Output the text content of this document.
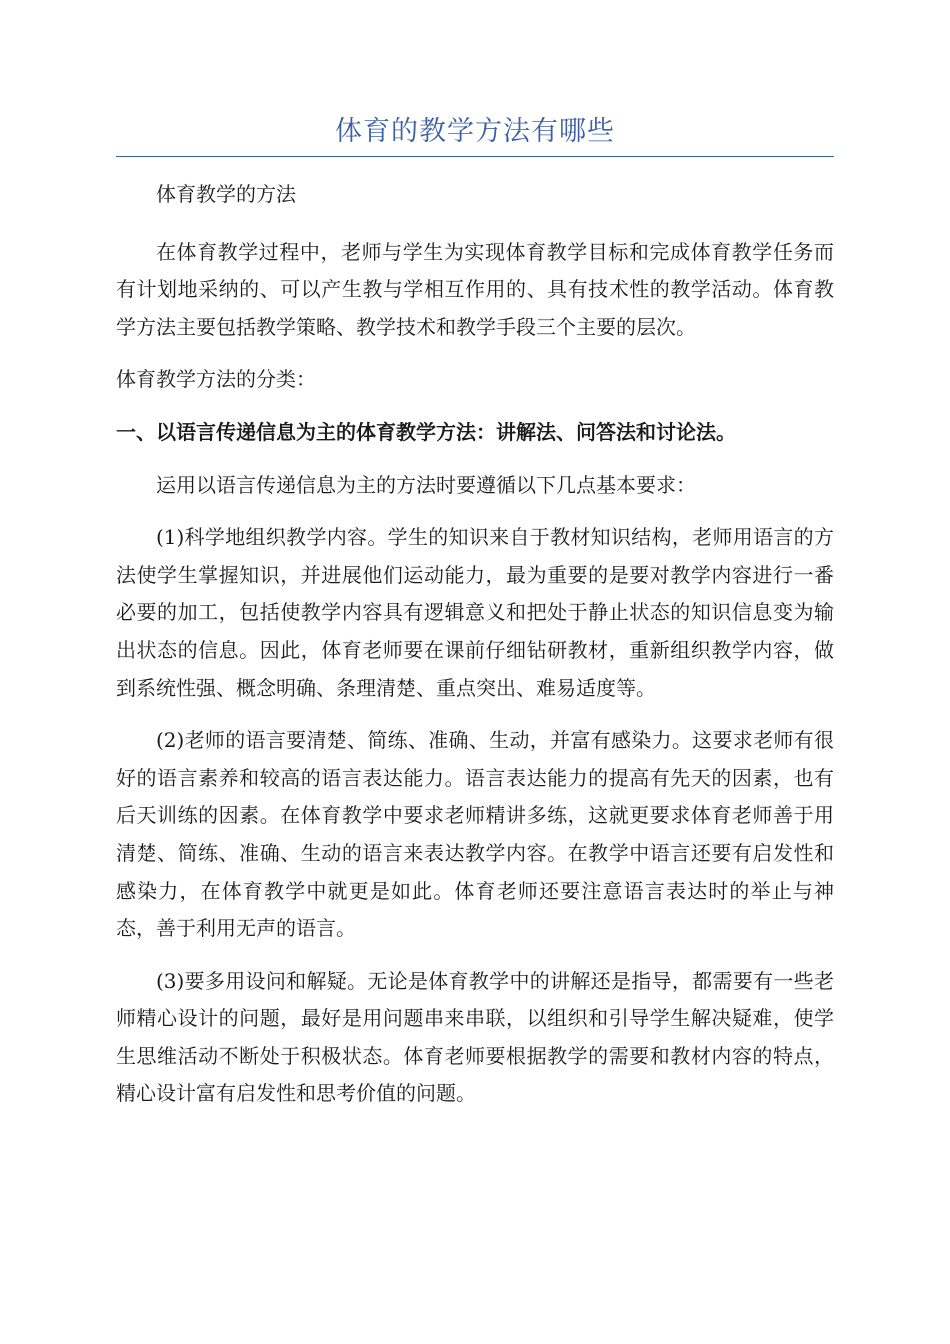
体育的教学方法有哪些

体育教学的方法

在体育教学过程中，老师与学生为实现体育教学目标和完成体育教学任务而有计划地采纳的、可以产生教与学相互作用的、具有技术性的教学活动。体育教学方法主要包括教学策略、教学技术和教学手段三个主要的层次。

体育教学方法的分类：

一、以语言传递信息为主的体育教学方法：讲解法、问答法和讨论法。

运用以语言传递信息为主的方法时要遵循以下几点基本要求：

(1)科学地组织教学内容。学生的知识来自于教材知识结构，老师用语言的方法使学生掌握知识，并进展他们运动能力，最为重要的是要对教学内容进行一番必要的加工，包括使教学内容具有逻辑意义和把处于静止状态的知识信息变为输出状态的信息。因此，体育老师要在课前仔细钻研教材，重新组织教学内容，做到系统性强、概念明确、条理清楚、重点突出、难易适度等。

(2)老师的语言要清楚、简练、准确、生动，并富有感染力。这要求老师有很好的语言素养和较高的语言表达能力。语言表达能力的提高有先天的因素，也有后天训练的因素。在体育教学中要求老师精讲多练，这就更要求体育老师善于用清楚、简练、准确、生动的语言来表达教学内容。在教学中语言还要有启发性和感染力，在体育教学中就更是如此。体育老师还要注意语言表达时的举止与神态，善于利用无声的语言。

(3)要多用设问和解疑。无论是体育教学中的讲解还是指导，都需要有一些老师精心设计的问题，最好是用问题串来串联，以组织和引导学生解决疑难，使学生思维活动不断处于积极状态。体育老师要根据教学的需要和教材内容的特点，精心设计富有启发性和思考价值的问题。
